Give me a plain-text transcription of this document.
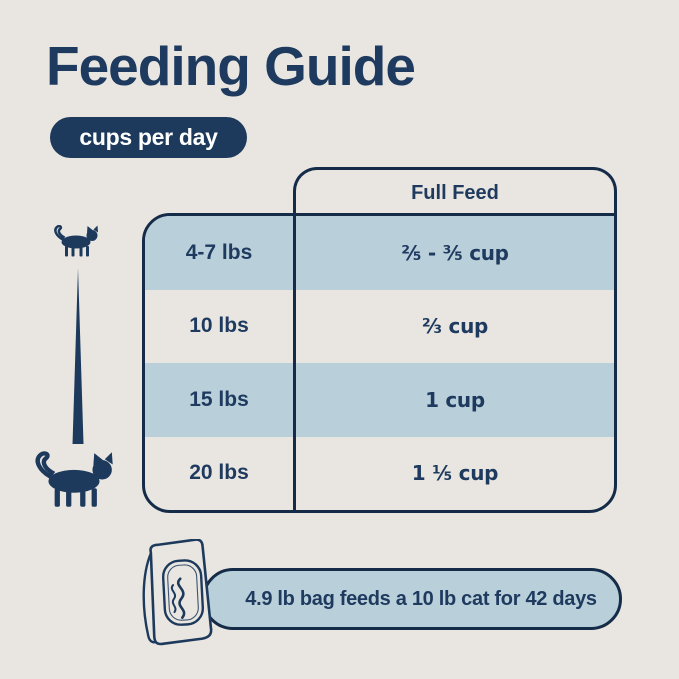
Feeding Guide
cups per day
Full Feed
4-7 lbs	²⁄₅ - ³⁄₅ cup
10 lbs	²⁄₃ cup
15 lbs	1 cup
20 lbs	1 ¹⁄₅ cup
4.9 lb bag feeds a 10 lb cat for 42 days
